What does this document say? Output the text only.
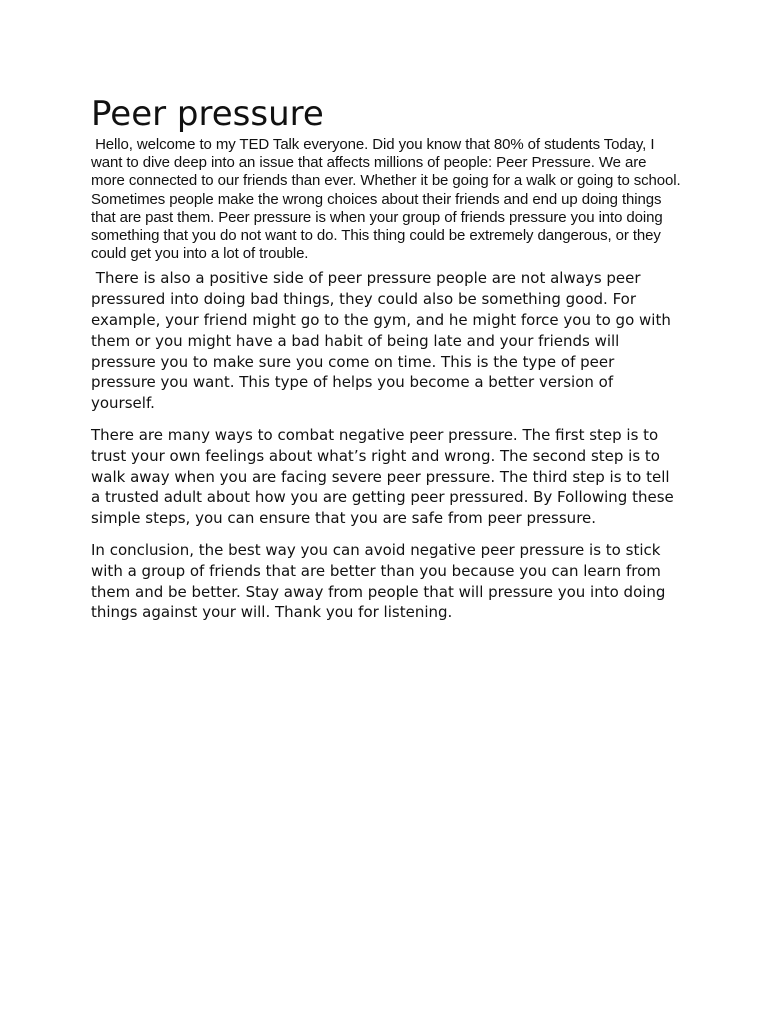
Peer pressure

Hello, welcome to my TED Talk everyone. Did you know that 80% of students Today, I want to dive deep into an issue that affects millions of people: Peer Pressure. We are more connected to our friends than ever. Whether it be going for a walk or going to school. Sometimes people make the wrong choices about their friends and end up doing things that are past them. Peer pressure is when your group of friends pressure you into doing something that you do not want to do. This thing could be extremely dangerous, or they could get you into a lot of trouble.

There is also a positive side of peer pressure people are not always peer pressured into doing bad things, they could also be something good. For example, your friend might go to the gym, and he might force you to go with them or you might have a bad habit of being late and your friends will pressure you to make sure you come on time. This is the type of peer pressure you want. This type of helps you become a better version of yourself.

There are many ways to combat negative peer pressure. The first step is to trust your own feelings about what’s right and wrong. The second step is to walk away when you are facing severe peer pressure. The third step is to tell a trusted adult about how you are getting peer pressured. By Following these simple steps, you can ensure that you are safe from peer pressure.

In conclusion, the best way you can avoid negative peer pressure is to stick with a group of friends that are better than you because you can learn from them and be better. Stay away from people that will pressure you into doing things against your will. Thank you for listening.
